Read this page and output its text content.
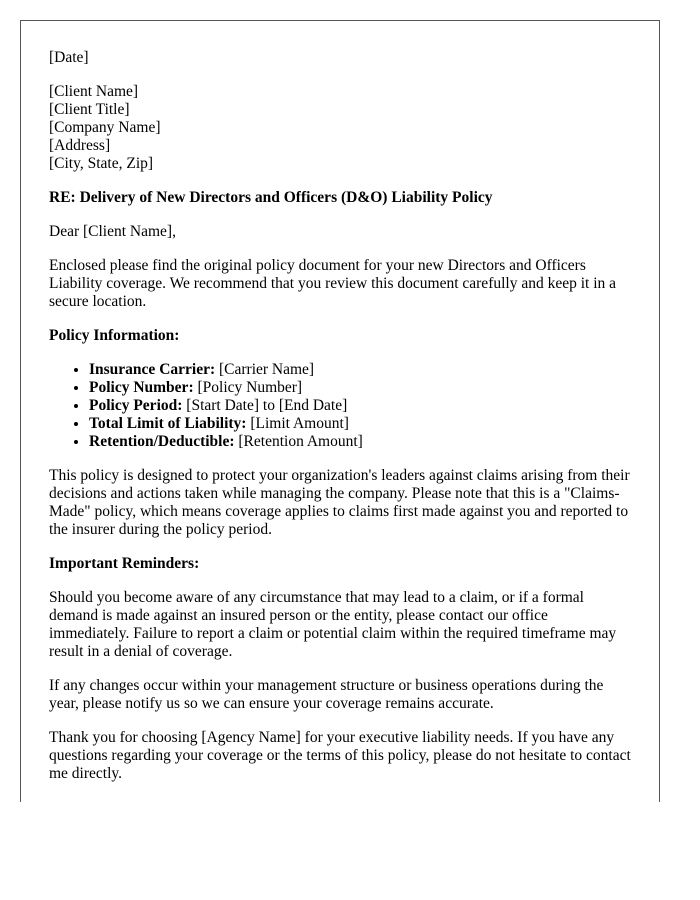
[Date]

[Client Name]
[Client Title]
[Company Name]
[Address]
[City, State, Zip]

RE: Delivery of New Directors and Officers (D&O) Liability Policy

Dear [Client Name],

Enclosed please find the original policy document for your new Directors and Officers Liability coverage. We recommend that you review this document carefully and keep it in a secure location.

Policy Information:

• Insurance Carrier: [Carrier Name]
• Policy Number: [Policy Number]
• Policy Period: [Start Date] to [End Date]
• Total Limit of Liability: [Limit Amount]
• Retention/Deductible: [Retention Amount]

This policy is designed to protect your organization's leaders against claims arising from their decisions and actions taken while managing the company. Please note that this is a "Claims-Made" policy, which means coverage applies to claims first made against you and reported to the insurer during the policy period.

Important Reminders:

Should you become aware of any circumstance that may lead to a claim, or if a formal demand is made against an insured person or the entity, please contact our office immediately. Failure to report a claim or potential claim within the required timeframe may result in a denial of coverage.

If any changes occur within your management structure or business operations during the year, please notify us so we can ensure your coverage remains accurate.

Thank you for choosing [Agency Name] for your executive liability needs. If you have any questions regarding your coverage or the terms of this policy, please do not hesitate to contact me directly.
